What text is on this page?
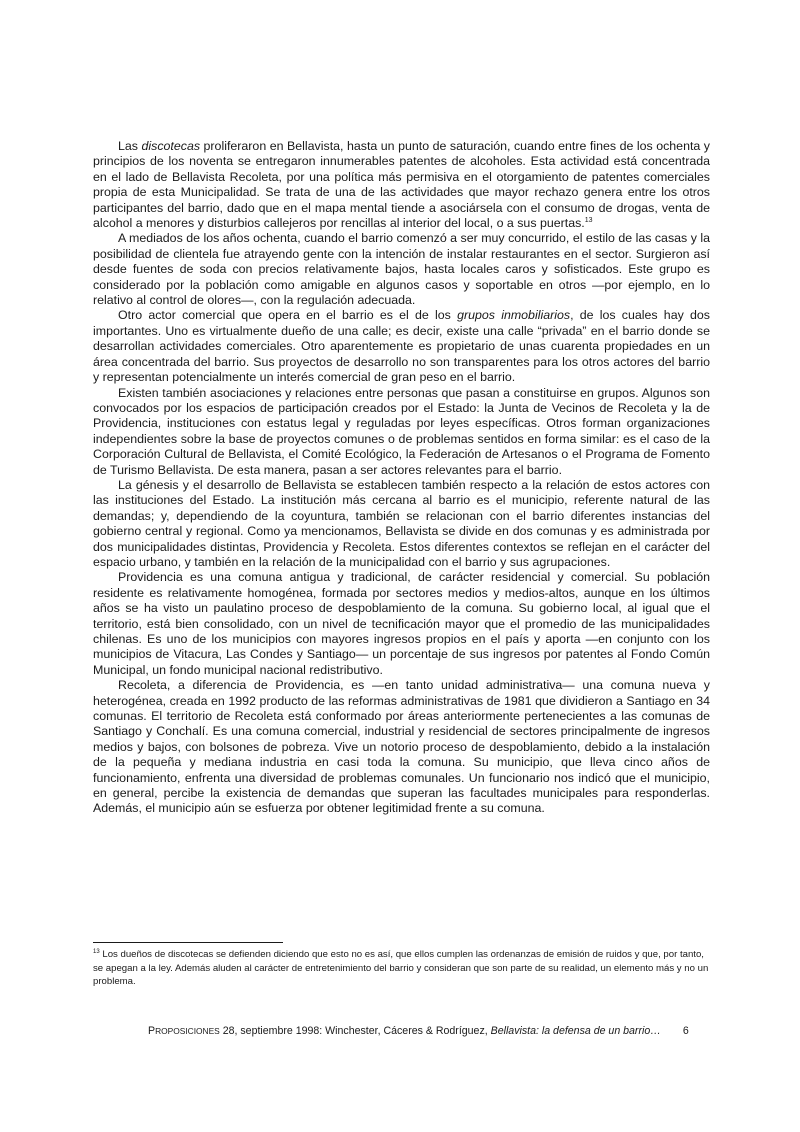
Las discotecas proliferaron en Bellavista, hasta un punto de saturación, cuando entre fines de los ochenta y principios de los noventa se entregaron innumerables patentes de alcoholes. Esta actividad está concentrada en el lado de Bellavista Recoleta, por una política más permisiva en el otorgamiento de patentes comerciales propia de esta Municipalidad. Se trata de una de las actividades que mayor rechazo genera entre los otros participantes del barrio, dado que en el mapa mental tiende a asociársela con el consumo de drogas, venta de alcohol a menores y disturbios callejeros por rencillas al interior del local, o a sus puertas.$^{13}$

A mediados de los años ochenta, cuando el barrio comenzó a ser muy concurrido, el estilo de las casas y la posibilidad de clientela fue atrayendo gente con la intención de instalar restaurantes en el sector. Surgieron así desde fuentes de soda con precios relativamente bajos, hasta locales caros y sofisticados. Este grupo es considerado por la población como amigable en algunos casos y soportable en otros —por ejemplo, en lo relativo al control de olores—, con la regulación adecuada.

Otro actor comercial que opera en el barrio es el de los grupos inmobiliarios, de los cuales hay dos importantes. Uno es virtualmente dueño de una calle; es decir, existe una calle “privada” en el barrio donde se desarrollan actividades comerciales. Otro aparentemente es propietario de unas cuarenta propiedades en un área concentrada del barrio. Sus proyectos de desarrollo no son transparentes para los otros actores del barrio y representan potencialmente un interés comercial de gran peso en el barrio.

Existen también asociaciones y relaciones entre personas que pasan a constituirse en grupos. Algunos son convocados por los espacios de participación creados por el Estado: la Junta de Vecinos de Recoleta y la de Providencia, instituciones con estatus legal y reguladas por leyes específicas. Otros forman organizaciones independientes sobre la base de proyectos comunes o de problemas sentidos en forma similar: es el caso de la Corporación Cultural de Bellavista, el Comité Ecológico, la Federación de Artesanos o el Programa de Fomento de Turismo Bellavista. De esta manera, pasan a ser actores relevantes para el barrio.

La génesis y el desarrollo de Bellavista se establecen también respecto a la relación de estos actores con las instituciones del Estado. La institución más cercana al barrio es el municipio, referente natural de las demandas; y, dependiendo de la coyuntura, también se relacionan con el barrio diferentes instancias del gobierno central y regional. Como ya mencionamos, Bellavista se divide en dos comunas y es administrada por dos municipalidades distintas, Providencia y Recoleta. Estos diferentes contextos se reflejan en el carácter del espacio urbano, y también en la relación de la municipalidad con el barrio y sus agrupaciones.

Providencia es una comuna antigua y tradicional, de carácter residencial y comercial. Su población residente es relativamente homogénea, formada por sectores medios y medios-altos, aunque en los últimos años se ha visto un paulatino proceso de despoblamiento de la comuna. Su gobierno local, al igual que el territorio, está bien consolidado, con un nivel de tecnificación mayor que el promedio de las municipalidades chilenas. Es uno de los municipios con mayores ingresos propios en el país y aporta —en conjunto con los municipios de Vitacura, Las Condes y Santiago— un porcentaje de sus ingresos por patentes al Fondo Común Municipal, un fondo municipal nacional redistributivo.

Recoleta, a diferencia de Providencia, es —en tanto unidad administrativa— una comuna nueva y heterogénea, creada en 1992 producto de las reformas administrativas de 1981 que dividieron a Santiago en 34 comunas. El territorio de Recoleta está conformado por áreas anteriormente pertenecientes a las comunas de Santiago y Conchalí. Es una comuna comercial, industrial y residencial de sectores principalmente de ingresos medios y bajos, con bolsones de pobreza. Vive un notorio proceso de despoblamiento, debido a la instalación de la pequeña y mediana industria en casi toda la comuna. Su municipio, que lleva cinco años de funcionamiento, enfrenta una diversidad de problemas comunales. Un funcionario nos indicó que el municipio, en general, percibe la existencia de demandas que superan las facultades municipales para responderlas. Además, el municipio aún se esfuerza por obtener legitimidad frente a su comuna.

$^{13}$ Los dueños de discotecas se defienden diciendo que esto no es así, que ellos cumplen las ordenanzas de emisión de ruidos y que, por tanto, se apegan a la ley. Además aluden al carácter de entretenimiento del barrio y consideran que son parte de su realidad, un elemento más y no un problema.
PROPOSICIONES 28, septiembre 1998: Winchester, Cáceres & Rodríguez, Bellavista: la defensa de un barrio… 6
